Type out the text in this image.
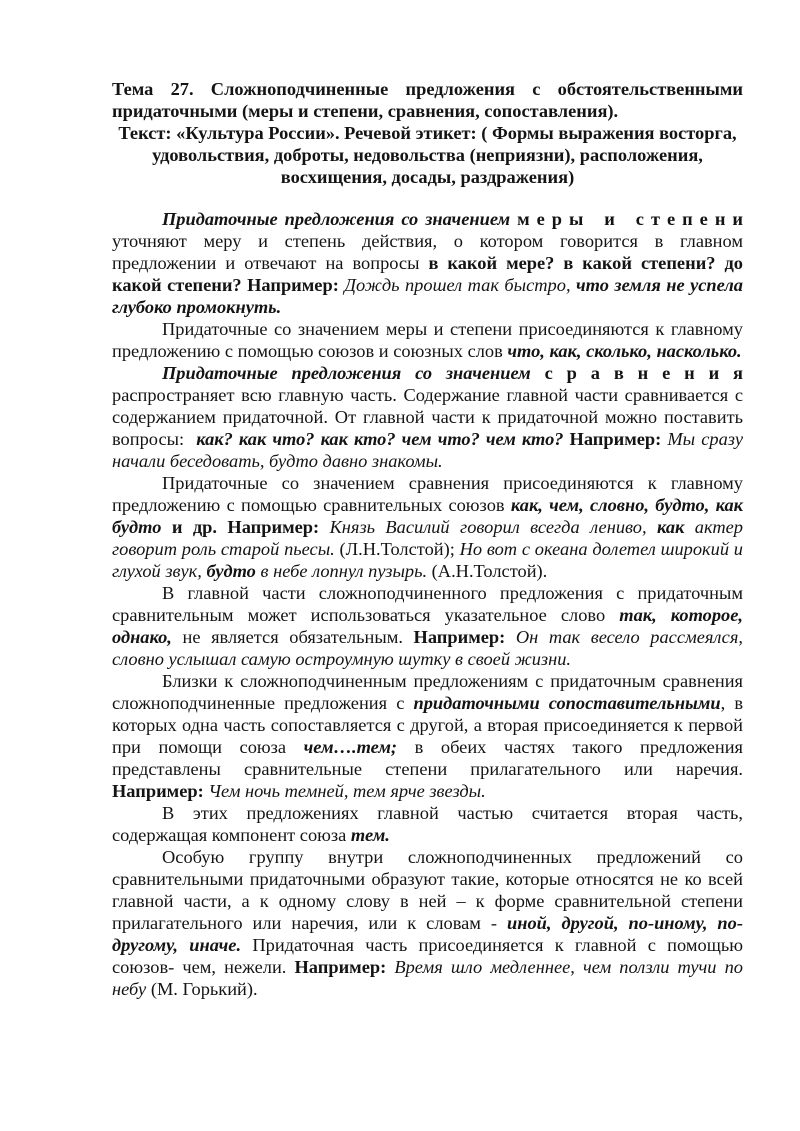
Тема 27. Сложноподчиненные предложения с обстоятельственными придаточными (меры и степени, сравнения, сопоставления).

Текст: «Культура России». Речевой этикет: ( Формы выражения восторга, удовольствия, доброты, недовольства (неприязни), расположения, восхищения, досады, раздражения)

Придаточные предложения со значением м е р ы   и   с т е п е н и уточняют меру и степень действия, о котором говорится в главном предложении и отвечают на вопросы в какой мере? в какой степени? до какой степени? Например: Дождь прошел так быстро, что земля не успела глубоко промокнуть.

Придаточные со значением меры и степени присоединяются к главному предложению с помощью союзов и союзных слов что, как, сколько, насколько.

Придаточные предложения со значением с р а в н е н и я распространяет всю главную часть. Содержание главной части сравнивается с содержанием придаточной. От главной части к придаточной можно поставить вопросы:  как? как что? как кто? чем что? чем кто? Например: Мы сразу начали беседовать, будто давно знакомы.

Придаточные со значением сравнения присоединяются к главному предложению с помощью сравнительных союзов как, чем, словно, будто, как будто и др. Например: Князь Василий говорил всегда лениво, как актер говорит роль старой пьесы. (Л.Н.Толстой); Но вот с океана долетел широкий и глухой звук, будто в небе лопнул пузырь. (А.Н.Толстой).

В главной части сложноподчиненного предложения с придаточным сравнительным может использоваться указательное слово так, которое, однако, не является обязательным. Например: Он так весело рассмеялся, словно услышал самую остроумную шутку в своей жизни.

Близки к сложноподчиненным предложениям с придаточным сравнения сложноподчиненные предложения с придаточными сопоставительными, в которых одна часть сопоставляется с другой, а вторая присоединяется к первой при помощи союза чем….тем; в обеих частях такого предложения представлены сравнительные степени прилагательного или наречия. Например: Чем ночь темней, тем ярче звезды.

В этих предложениях главной частью считается вторая часть, содержащая компонент союза тем.

Особую группу внутри сложноподчиненных предложений со сравнительными придаточными образуют такие, которые относятся не ко всей главной части, а к одному слову в ней – к форме сравнительной степени прилагательного или наречия, или к словам - иной, другой, по-иному, по-другому, иначе. Придаточная часть присоединяется к главной с помощью союзов- чем, нежели. Например: Время шло медленнее, чем ползли тучи по небу (М. Горький).
